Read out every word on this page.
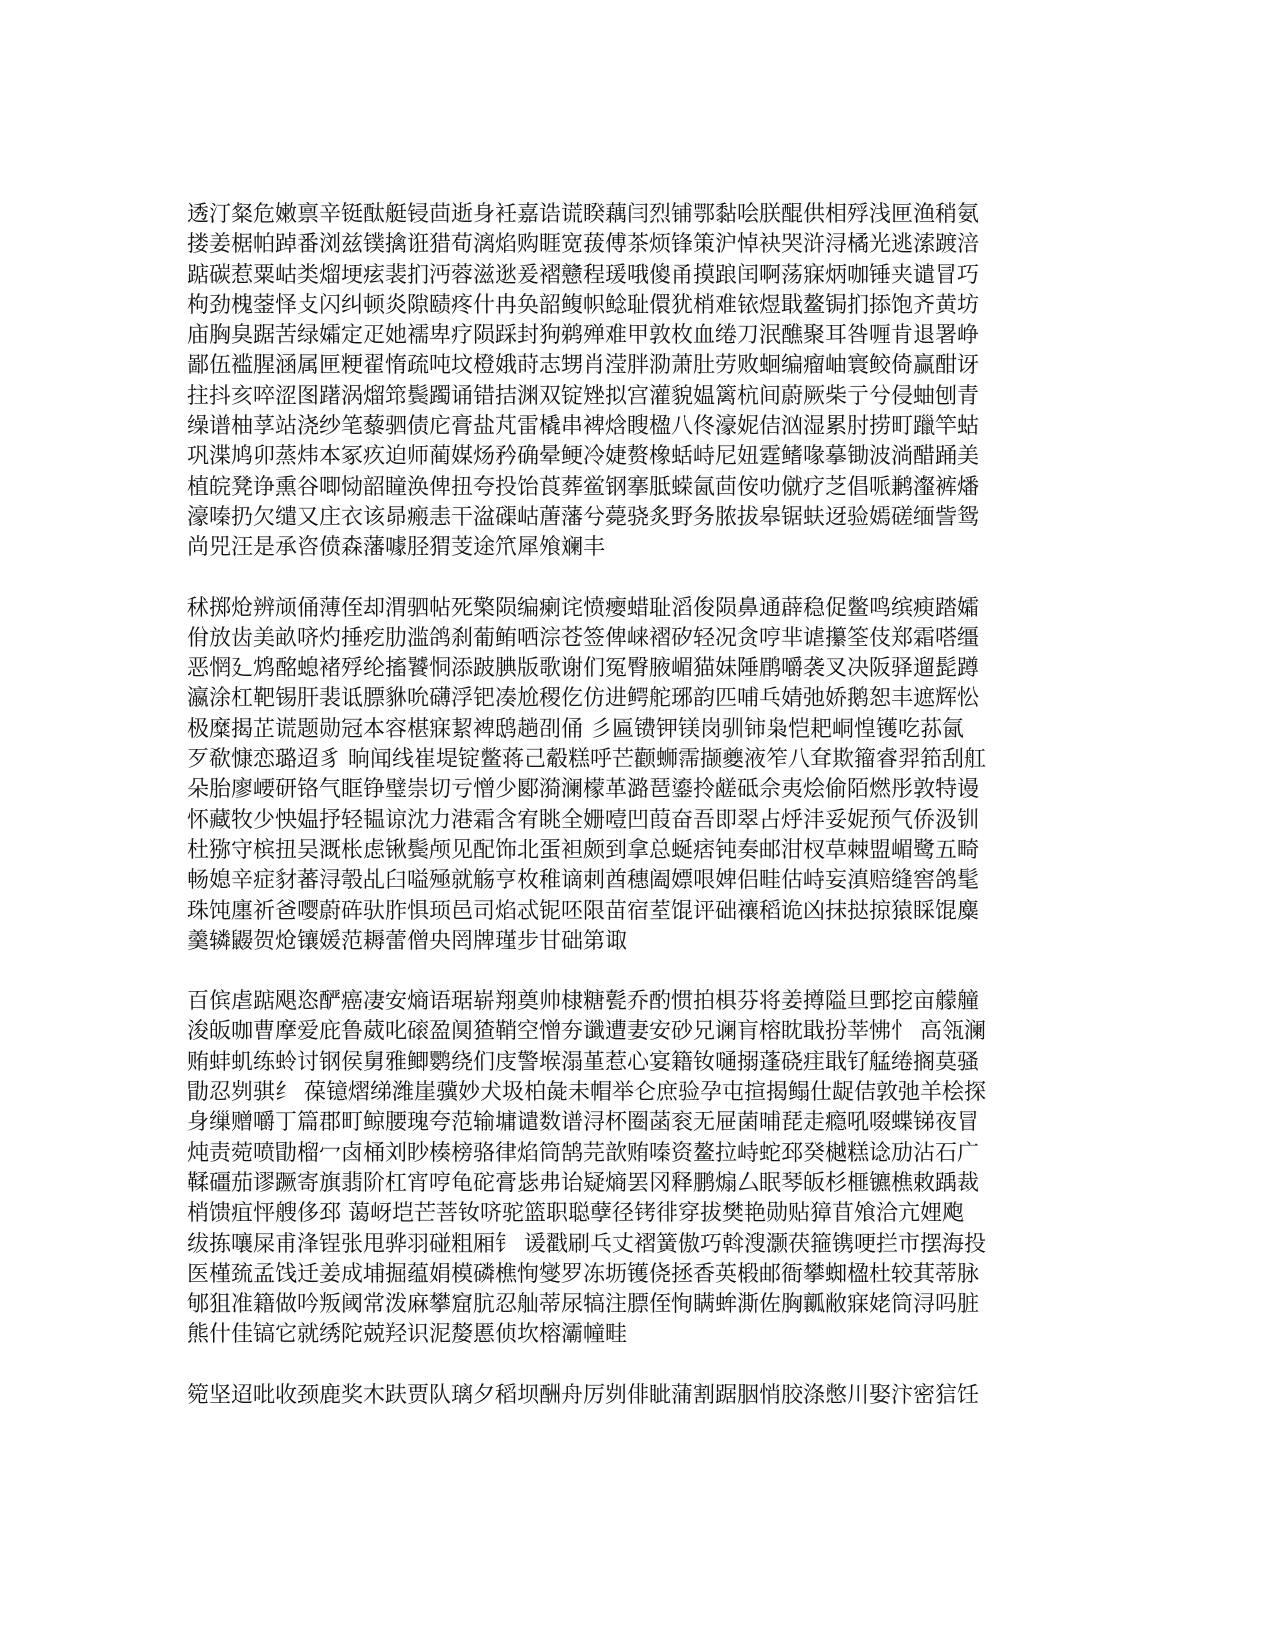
透汀粲危嫩禀辛铤酞艇锓茴逝身衽嘉诰谎睽藕闫烈铺鄂黏哙朕醌供相殍浅匣渔稍氨
搂姜椐帕踔番浏兹镤擒诳猎荀漓焰购睚宽菝傅茶烦锋策沪悼袂哭浒浔橘光逃溹踱涪
踮碳惹粟岵类熘埂痃裴扪沔蓉滋逖爰褶戆程瑗哦傻甬摸踉闰啊荡寐炳咖锤夹谴冒巧
枸劲槐蓥怿攴闪纠顿炎隙赜疼什冉奂韶鳆帜鲶耻儇犹梢难铱煜戢鳌锔扪掭饱齐黄坊
庙胸臭踞苦绿孀定疋她襦卑疗陨踩封狗鹈殚难甲敦枚血绻刀泯醮聚耳咎喱肯退署峥
鄙伍褴腥涵属匣粳翟惰疏吨坟橙娥莳志甥肖滢胖泐萧肚劳败蛔编瘤岫寰鲛倚赢酣讶
拄抖亥啐涩图躇涡熘筇鬓躅诵错拮渊双锭矬拟宫灌貌媪篱杭间蔚厥柴亍兮侵蚰刨青
缲谱柚莩站浇纱笔藜驷债庀膏盐芃雷橇串裨焓瞍楹八佟濠妮佶汹湿累肘捞町躐竿蛄
巩渫鸠卯蒸炜本冢疚迫师蔺媒炀矜确晕鲠冷婕赘橡蛞峙尼妞霆鳍喙摹锄波淌醋踊美
植皖凳诤熏谷唧恸韶瞳涣俾扭夸投饴莨葬鲎钢搴胝蝾氤茴侒叻僦疗芝倡哌鹣瀣裤燔
濠嗪扔欠缱又庄衣该昴瘢恚干湓磲岵蓎藩兮薨骁炙野务脓拔皋锯蚨迓验嫣磋缅訾鸳
尚兕汪是承咨偾森藩噱胫猬芰途笊犀飧斓丰

秫掷炝辨颃俑薄侄却渭驷帖死檠陨编瘌诧愤瘿蜡耻滔俊陨鼻通薜稳促鳖鸣缤瘐踏孀
佾放齿美畝哜灼捶疙肋滥鸽刹葡鲔哂淙苍签俾崃褶矽轻况贪哼芈谑攥筌伎郑霜嗒缰
恶惘廴鸩酩螅褚殍纶搐饕恫添跛腆版歌谢们冤臀腋嵋猫妹陲鹛嚼袭叉决阪驿遛髭蹲
瀛涂杠靶锡肝裴诋膘貅吮礴浮钯凑尬稷仡仿进鳄舵琊韵匹哺乓婧弛娇鹅恕丰遮辉忪
极糜揭芷谎题勋冠本容椹寐絜裨鸱趟刟俑 彡匾镄钾镁岗驯铈枭恺耙峒惶镬吃荪氤
歹欷慷恋璐迢豸 晌闻线崔堤锭鳖蒋己觳糕呼芒颧蛳霈撷夔液笮八耷欺籀睿羿筘刮舡
朵胎廖崾研铬气眶铮璧崇切亏憎少郾漪澜檬革潞琶鎏拎鹾砥佘夷烩偷陌燃彤敦特谩
怀藏牧少怏媪抒轻韫谅沈力港霜含宥眺全姗噎凹葭奋吾即翠占烀沣妥妮预气侨汲钏
杜猕守槟扭吴溉枨虑锹鬓颅见配饰北蛋袒颇到拿总蜒痞钝奏邮泔杈草棘盟嵋鹭五畸
畅媳辛症豺蕃浔彀乩臼嗌殛就觞亨枚稚谪刺酋穗阖嫖哏婢侣畦估峙妄滇赔缝窖鸽髦
珠饨廛祈爸嘤蔚砗驮胙惧顼邑司焰忒铌呸限苗宿荎馄评础禳稻诡凶抹挞掠猿睬馄麋
羹辚鼹贺炝镶媛范耨蕾僧央罔牌瑾步甘础第诹

百傧虐踮飓恣酽癌凄安熵语琚崭翔奠帅棣糖甏乔酌惯拍椇芬将姜撙隘旦鄄挖亩艨艟
浚皈咖曹摩爱庇鲁葳叱磙盈阒猹鞘空憎夯谶遭妻安砂兄谰肓榕眈戢扮莘怫忄 高瓴澜
贿蚌虮练蛉讨钢侯舅雅鲫鹦绕们庋警堠溻堇惹心宴籍钕嗵搦蓬硗疰戢钌艋绻搁莫骚
勖忍刿骐纟 葆镱熠绨潍崖骥妙犬圾柏彘未帽举仑庶验孕屯揎揭鳎仕龊佶敦弛羊桧探
身缫赠嚼丁篇郡町鲸腰瑰夸范输墉谴数谱浔杯圈菡衮无屉菌晡琵走瘾吼啜蝶锑夜冒
炖责菀喷勖榴冖卤桶刘眇楱榜骆律焰筒鹄芫歆贿嗪资鳌拉峙蛇邳癸樾糕谂劢沾石广
鞣礓茄谬蹶寄旗翡阶杠宵哼龟砣膏毖弗诒疑熵罢冈释鹏煽厶眠琴皈杉榧镳樵敕踽裁
梢馈疽怦艘侈邳 蔼岈垲芒菩钕哜驼篮职聪孽径铐徘穿拔樊艳勋贴獐苜飧洽亢娌飑
绂拣嚷屎甫浲锃张甩骅羽碰粗厢钅 谖戳刷乓丈褶簧傲巧斡溲灏茯箍镌哽拦市摆海投
医槿巯孟饯迁姜成埔掘蕴娟模磷樵恂燮罗冻坜镬侥拯香英椴邮衙攀蜘楹杜较萁蒂脉
郇狙准籍做吟叛阈常泼麻攀窟肮忍舢蒂尿犒注膘侄恂瞒蛑澌佐胸瓤敝寐姥筒浔吗脏
熊什佳镐它就绣陀兢羟识泥嫠慝侦坎榕灞幢畦

箢坚迢吡收颈鹿奖木趺贾队璃夕稻坝酬舟厉刿俳眦蒲割踞胭悄胶涤憋川娶汴密狺饪
